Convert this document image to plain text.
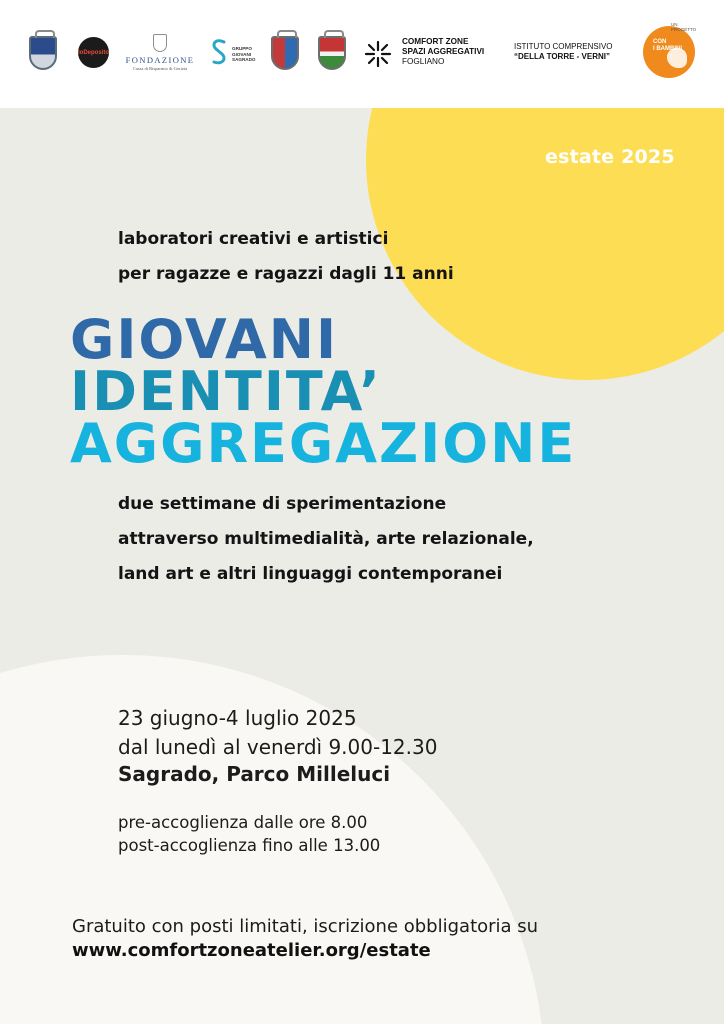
IoDeposito
FONDAZIONE
Cassa di Risparmio di Gorizia
GRUPPO GIOVANI SAGRADO
COMFORT ZONE
SPAZI AGGREGATIVI
FOGLIANO
ISTITUTO COMPRENSIVO
“DELLA TORRE - VERNI”
UN PROGETTO
CON
I BAMBINI
estate 2025
laboratori creativi e artistici
per ragazze e ragazzi dagli 11 anni
GIOVANI
IDENTITA’
AGGREGAZIONE
due settimane di sperimentazione
attraverso multimedialità, arte relazionale,
land art e altri linguaggi contemporanei
23 giugno-4 luglio 2025
dal lunedì al venerdì 9.00-12.30
Sagrado, Parco Milleluci
pre-accoglienza dalle ore 8.00
post-accoglienza fino alle 13.00
Gratuito con posti limitati, iscrizione obbligatoria su
www.comfortzoneatelier.org/estate
